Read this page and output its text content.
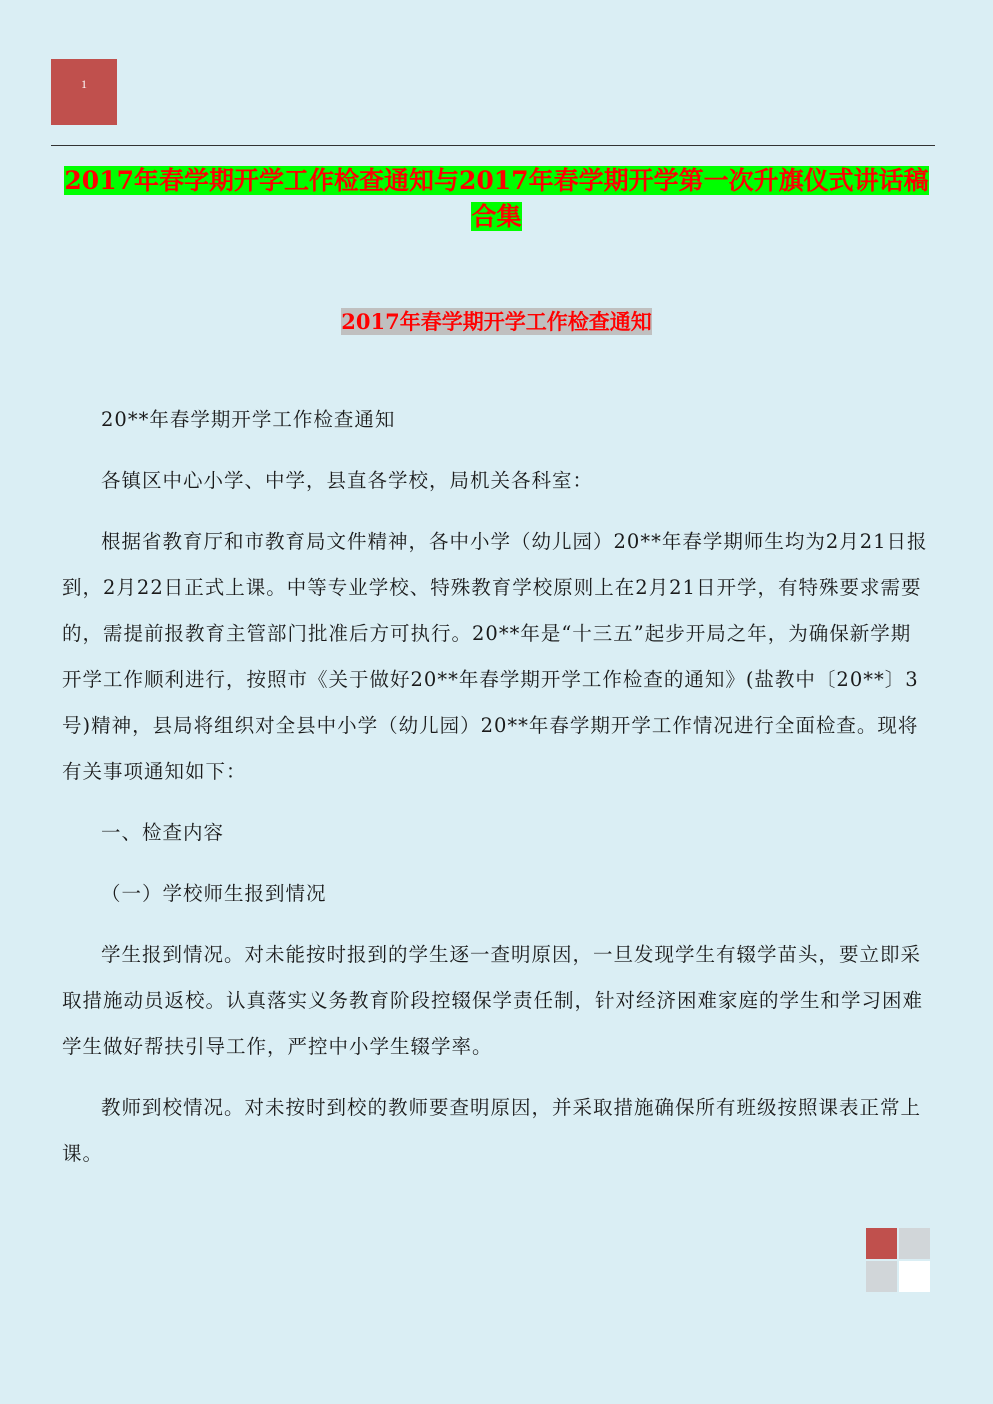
1
2017年春学期开学工作检查通知与2017年春学期开学第一次升旗仪式讲话稿合集
2017年春学期开学工作检查通知

20**年春学期开学工作检查通知

各镇区中心小学、中学，县直各学校，局机关各科室：

根据省教育厅和市教育局文件精神，各中小学（幼儿园）20**年春学期师生均为2月21日报到，2月22日正式上课。中等专业学校、特殊教育学校原则上在2月21日开学，有特殊要求需要的，需提前报教育主管部门批准后方可执行。20**年是“十三五”起步开局之年，为确保新学期开学工作顺利进行，按照市《关于做好20**年春学期开学工作检查的通知》(盐教中〔20**〕3号)精神，县局将组织对全县中小学（幼儿园）20**年春学期开学工作情况进行全面检查。现将有关事项通知如下：

一、检查内容

（一）学校师生报到情况

学生报到情况。对未能按时报到的学生逐一查明原因，一旦发现学生有辍学苗头，要立即采取措施动员返校。认真落实义务教育阶段控辍保学责任制，针对经济困难家庭的学生和学习困难学生做好帮扶引导工作，严控中小学生辍学率。

教师到校情况。对未按时到校的教师要查明原因，并采取措施确保所有班级按照课表正常上课。
